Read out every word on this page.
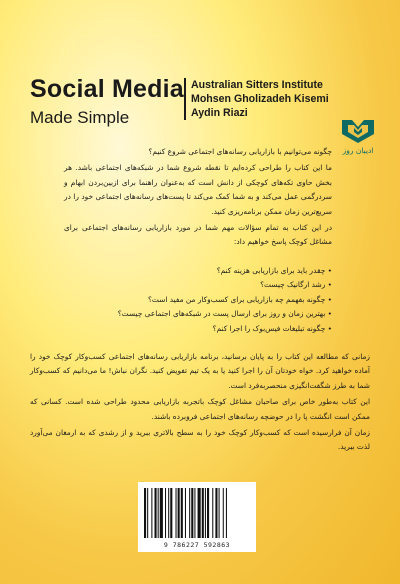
Social Media
Made Simple
Australian Sitters Institute
Mohsen Gholizadeh Kisemi
Aydin Riazi
ادیبان روز

چگونه می‌توانیم با بازاریابی رسانه‌های اجتماعی شروع کنیم؟

ما این کتاب را طراحی کرده‌ایم تا نقطه شروع شما در شبکه‌های اجتماعی باشد. هر بخش حاوی تکه‌های کوچکی از دانش است که به‌عنوان راهنما برای ازبین‌بردن ابهام و سردرگمی عمل می‌کند و به شما کمک می‌کند تا پست‌های رسانه‌های اجتماعی خود را در سریع‌ترین زمان ممکن برنامه‌ریزی کنید.

در این کتاب به تمام سؤالات مهم شما در مورد بازاریابی رسانه‌های اجتماعی برای مشاغل کوچک پاسخ خواهیم داد:

• چقدر باید برای بازاریابی هزینه کنم؟
• رشد ارگانیک چیست؟
• چگونه بفهمم چه بازاریابی برای کسب‌وکار من مفید است؟
• بهترین زمان و روز برای ارسال پست در شبکه‌های اجتماعی چیست؟
• چگونه تبلیغات فیس‌بوک را اجرا کنم؟

زمانی که مطالعه این کتاب را به پایان برسانید، برنامه بازاریابی رسانه‌های اجتماعی کسب‌وکار کوچک خود را آماده خواهید کرد. خواه خودتان آن را اجرا کنید یا به یک تیم تفویض کنید. نگران نباش! ما می‌دانیم که کسب‌وکار شما به طرز شگفت‌انگیزی منحصربه‌فرد است.

این کتاب به‌طور خاص برای صاحبان مشاغل کوچک باتجربه بازاریابی محدود طراحی شده است. کسانی که ممکن است انگشت پا را در حوضچه رسانه‌های اجتماعی فروبرده باشند.

زمان آن فرارسیده است که کسب‌وکار کوچک خود را به سطح بالاتری ببرید و از رشدی که به ارمغان می‌آورد لذت ببرید.

9 786227 592863
